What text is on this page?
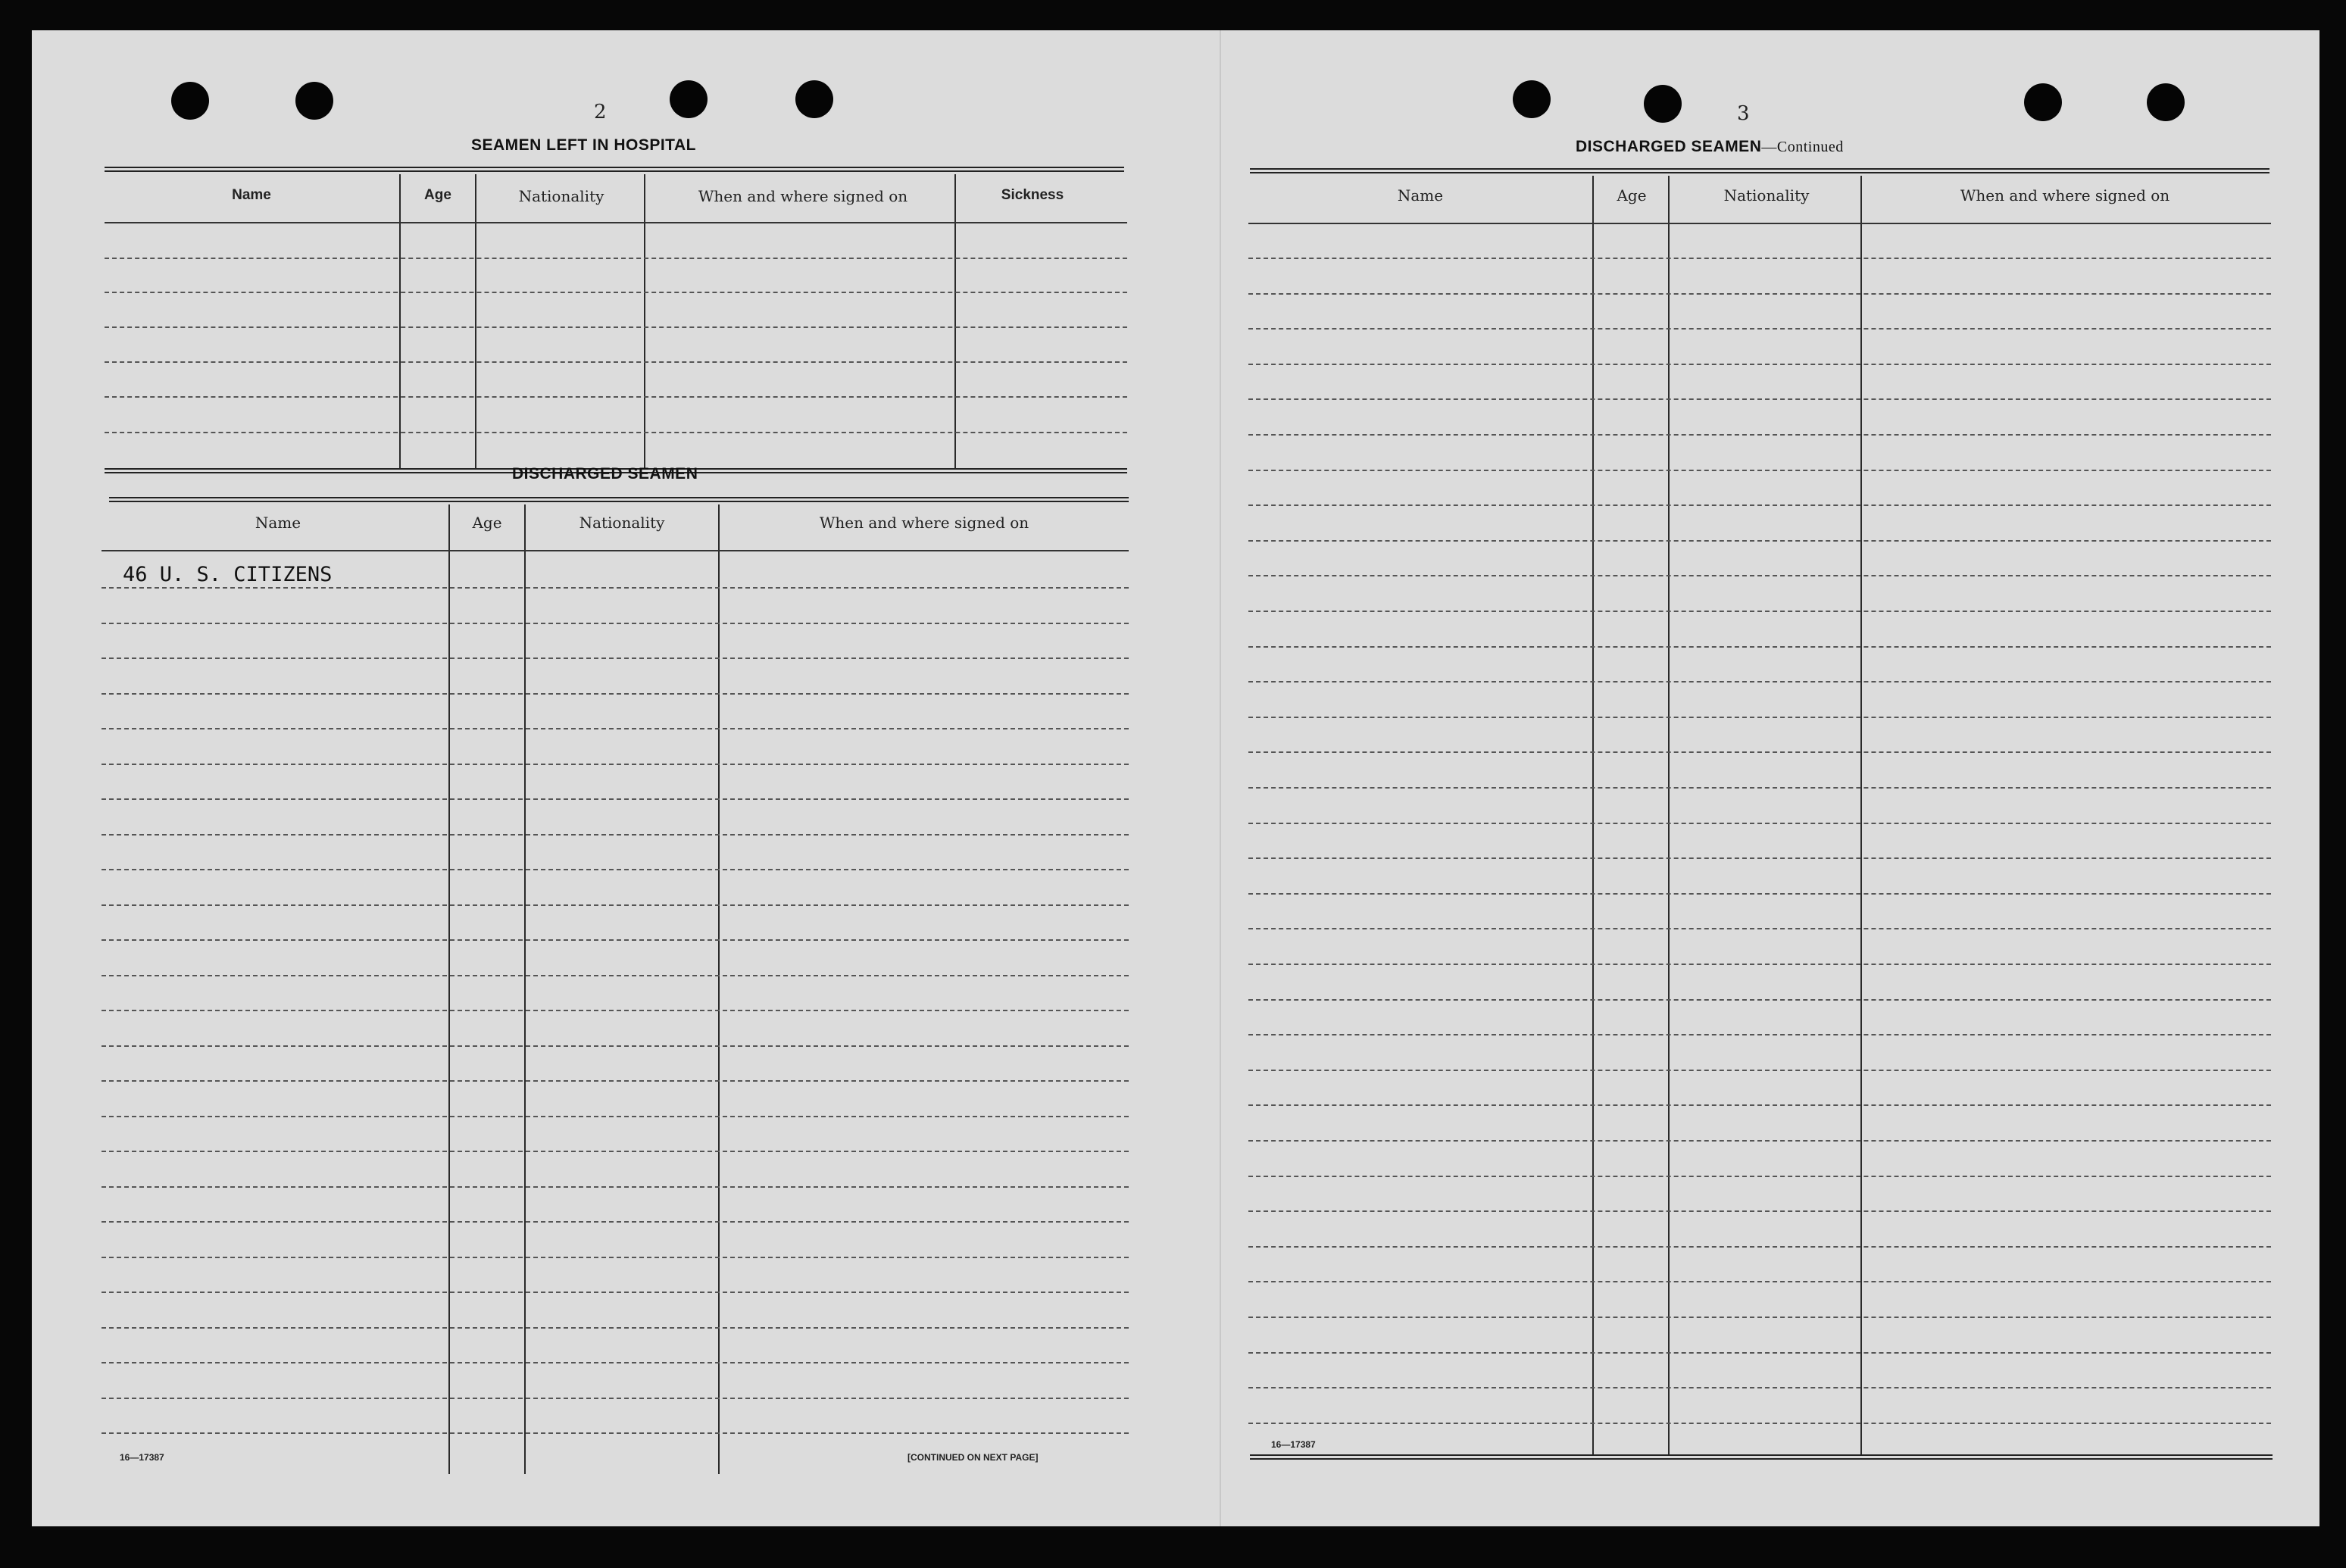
2
SEAMEN LEFT IN HOSPITAL
Name	Age	Nationality	When and where signed on	Sickness
DISCHARGED SEAMEN
Name	Age	Nationality	When and where signed on
46 U. S. CITIZENS
16—17387	[CONTINUED ON NEXT PAGE]
3
DISCHARGED SEAMEN—Continued
Name	Age	Nationality	When and where signed on
16—17387
